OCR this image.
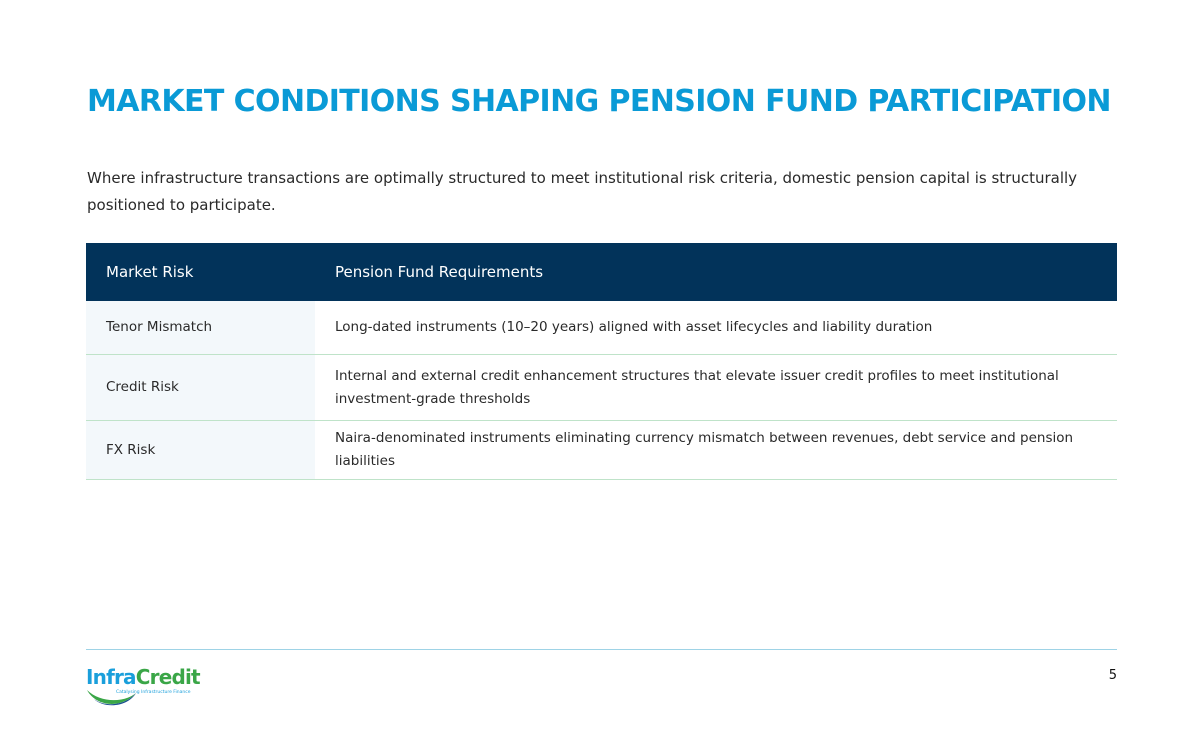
MARKET CONDITIONS SHAPING PENSION FUND PARTICIPATION

Where infrastructure transactions are optimally structured to meet institutional risk criteria, domestic pension capital is structurally positioned to participate.

Market Risk	Pension Fund Requirements
Tenor Mismatch	Long-dated instruments (10–20 years) aligned with asset lifecycles and liability duration
Credit Risk
Internal and external credit enhancement structures that elevate issuer credit profiles to meet institutional investment-grade thresholds
FX Risk
Naira-denominated instruments eliminating currency mismatch between revenues, debt service and pension liabilities
InfraCredit
Catalysing Infrastructure Finance
5
